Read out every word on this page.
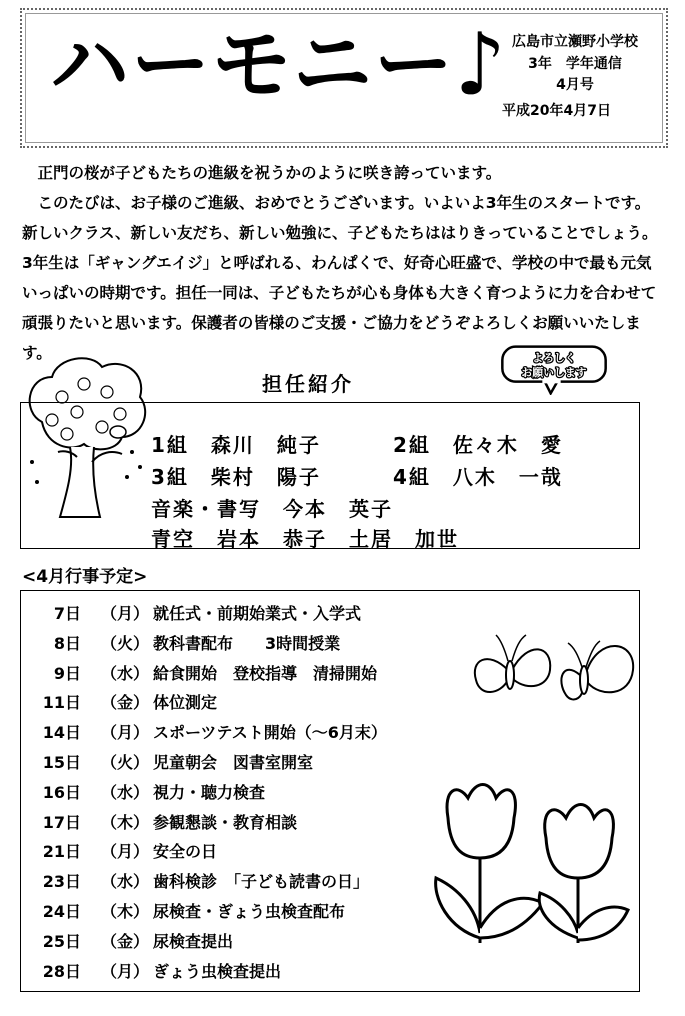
ハーモニー♪ 広島市立瀬野小学校
3年　学年通信
4月号
平成20年4月7日

正門の桜が子どもたちの進級を祝うかのように咲き誇っています。

このたびは、お子様のご進級、おめでとうございます。いよいよ3年生のスタートです。新しいクラス、新しい友だち、新しい勉強に、子どもたちははりきっていることでしょう。3年生は「ギャングエイジ」と呼ばれる、わんぱくで、好奇心旺盛で、学校の中で最も元気いっぱいの時期です。担任一同は、子どもたちが心も身体も大きく育つように力を合わせて頑張りたいと思います。保護者の皆様のご支援・ご協力をどうぞよろしくお願いいたします。

担任紹介
よろしく
お願いします
1組　 森川　純子	2組　 佐々木　愛
3組　 柴村　陽子	4組　 八木　一哉
音楽・書写　 今本　英子
青空　 岩本　恭子　 土居　加世
<4月行事予定>
7日 （月） 就任式・前期始業式・入学式
8日 （火） 教科書配布　　3時間授業
9日 （水） 給食開始　登校指導　清掃開始
11日 （金） 体位測定
14日 （月） スポーツテスト開始（～6月末）
15日 （火） 児童朝会　図書室開室
16日 （水） 視力・聴力検査
17日 （木） 参観懇談・教育相談
21日 （月） 安全の日
23日 （水） 歯科検診　「子ども読書の日」
24日 （木） 尿検査・ぎょう虫検査配布
25日 （金） 尿検査提出
28日 （月） ぎょう虫検査提出
